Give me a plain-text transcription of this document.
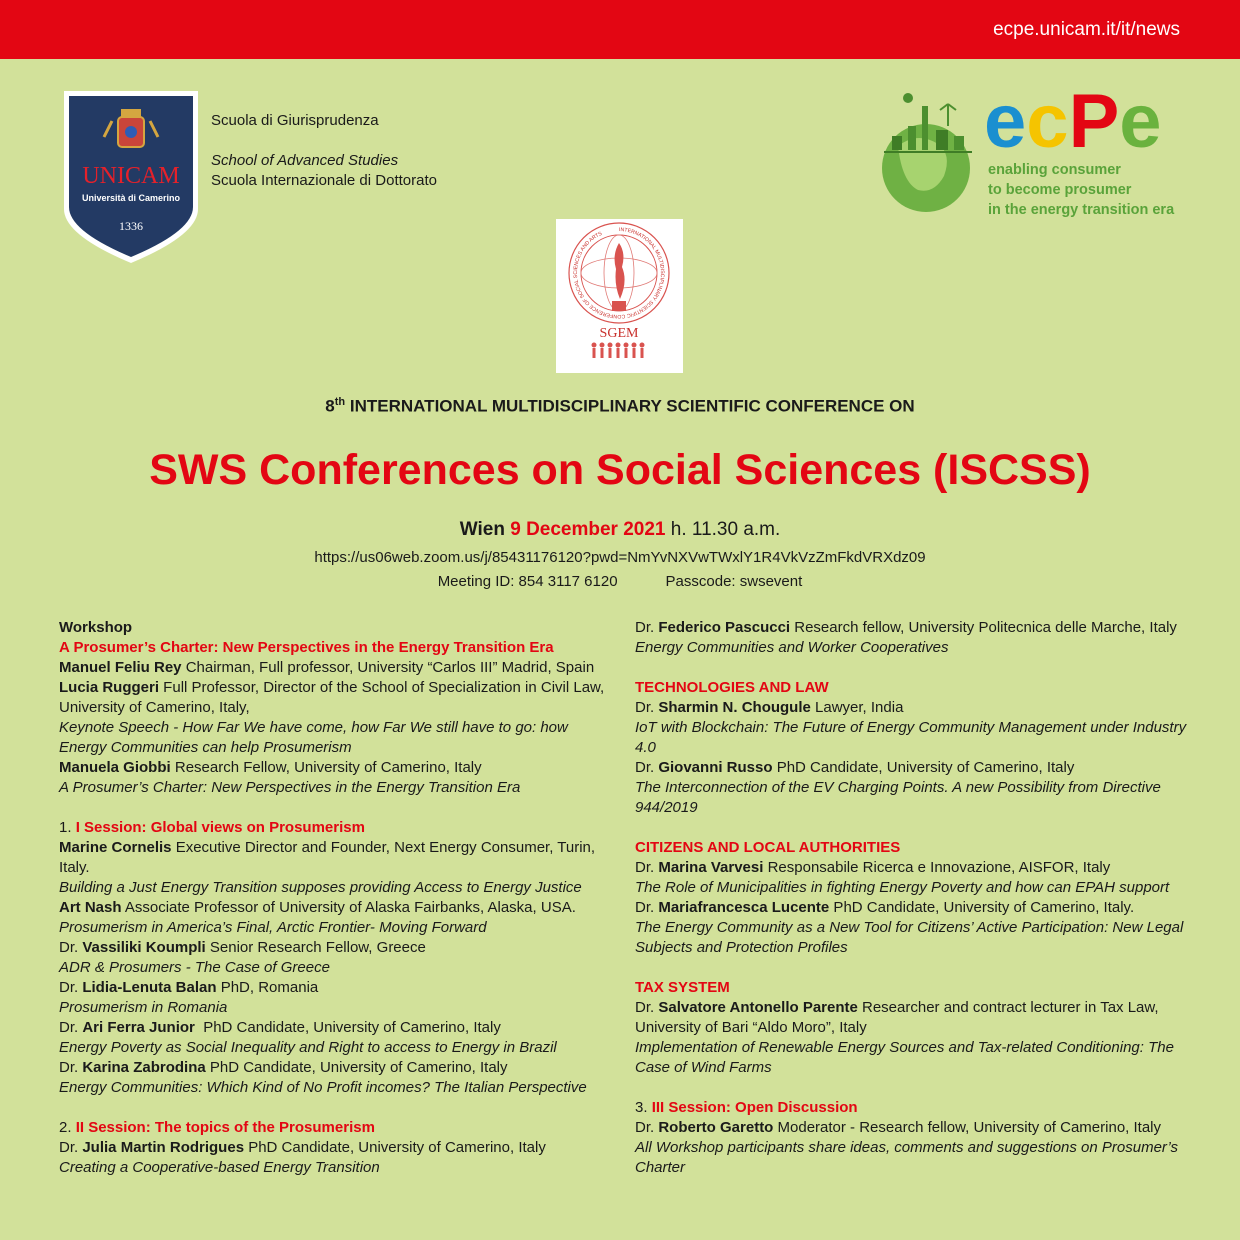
ecpe.unicam.it/it/news
UNICAM
Università di Camerino
1336
Scuola di Giurisprudenza
School of Advanced Studies
Scuola Internazionale di Dottorato
ecPe
enabling consumer
to become prosumer
in the energy transition era
INTERNATIONAL MULTIDISCIPLINARY SCIENTIFIC CONFERENCE OF SOCIAL SCIENCES AND ARTS
SGEM
8th INTERNATIONAL MULTIDISCIPLINARY SCIENTIFIC CONFERENCE ON
SWS Conferences on Social Sciences (ISCSS)
Wien 9 December 2021 h. 11.30 a.m.
https://us06web.zoom.us/j/85431176120?pwd=NmYvNXVwTWxlY1R4VkVzZmFkdVRXdz09
Meeting ID: 854 3117 6120	Passcode: swsevent
Workshop
A Prosumer’s Charter: New Perspectives in the Energy Transition Era
Manuel Feliu Rey Chairman, Full professor, University “Carlos III” Madrid, Spain
Lucia Ruggeri Full Professor, Director of the School of Specialization in Civil Law, University of Camerino, Italy,
Keynote Speech - How Far We have come, how Far We still have to go: how Energy Communities can help Prosumerism
Manuela Giobbi Research Fellow, University of Camerino, Italy
A Prosumer’s Charter: New Perspectives in the Energy Transition Era
1. I Session: Global views on Prosumerism
Marine Cornelis Executive Director and Founder, Next Energy Consumer, Turin, Italy.
Building a Just Energy Transition supposes providing Access to Energy Justice
Art Nash Associate Professor of University of Alaska Fairbanks, Alaska, USA.
Prosumerism in America’s Final, Arctic Frontier- Moving Forward
Dr. Vassiliki Koumpli Senior Research Fellow, Greece
ADR & Prosumers - The Case of Greece
Dr. Lidia-Lenuta Balan PhD, Romania
Prosumerism in Romania
Dr. Ari Ferra Junior  PhD Candidate, University of Camerino, Italy
Energy Poverty as Social Inequality and Right to access to Energy in Brazil
Dr. Karina Zabrodina PhD Candidate, University of Camerino, Italy
Energy Communities: Which Kind of No Profit incomes? The Italian Perspective
2. II Session: The topics of the Prosumerism
Dr. Julia Martin Rodrigues PhD Candidate, University of Camerino, Italy
Creating a Cooperative-based Energy Transition
Dr. Federico Pascucci Research fellow, University Politecnica delle Marche, Italy
Energy Communities and Worker Cooperatives
TECHNOLOGIES AND LAW
Dr. Sharmin N. Chougule Lawyer, India
IoT with Blockchain: The Future of Energy Community Management under Industry 4.0
Dr. Giovanni Russo PhD Candidate, University of Camerino, Italy
The Interconnection of the EV Charging Points. A new Possibility from Directive 944/2019
CITIZENS AND LOCAL AUTHORITIES
Dr. Marina Varvesi Responsabile Ricerca e Innovazione, AISFOR, Italy
The Role of Municipalities in fighting Energy Poverty and how can EPAH support
Dr. Mariafrancesca Lucente PhD Candidate, University of Camerino, Italy.
The Energy Community as a New Tool for Citizens’ Active Participation: New Legal Subjects and Protection Profiles
TAX SYSTEM
Dr. Salvatore Antonello Parente Researcher and contract lecturer in Tax Law, University of Bari “Aldo Moro”, Italy
Implementation of Renewable Energy Sources and Tax-related Conditioning: The Case of Wind Farms
3. III Session: Open Discussion
Dr. Roberto Garetto Moderator - Research fellow, University of Camerino, Italy
All Workshop participants share ideas, comments and suggestions on Prosumer’s Charter
